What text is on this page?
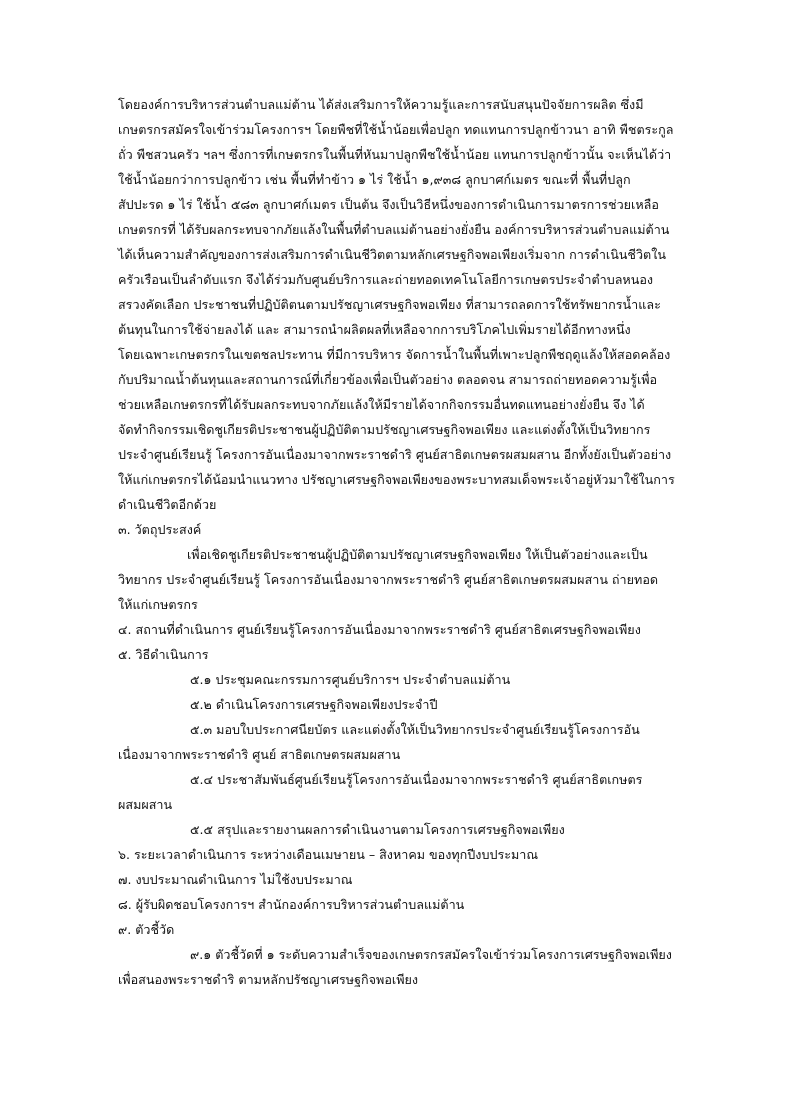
โดยองค์การบริหารส่วนตำบลแม่ต้าน ได้ส่งเสริมการให้ความรู้และการสนับสนุนปัจจัยการผลิต ซึ่งมี
เกษตรกรสมัครใจเข้าร่วมโครงการฯ โดยพืชที่ใช้น้ำน้อยเพื่อปลูก ทดแทนการปลูกข้าวนา อาทิ พืชตระกูล
ถั่ว พืชสวนครัว ฯลฯ ซึ่งการที่เกษตรกรในพื้นที่หันมาปลูกพืชใช้น้ำน้อย แทนการปลูกข้าวนั้น จะเห็นได้ว่า
ใช้น้ำน้อยกว่าการปลูกข้าว เช่น พื้นที่ทำข้าว ๑ ไร่ ใช้น้ำ ๑,๙๓๘ ลูกบาศก์เมตร ขณะที่ พื้นที่ปลูก
สัปปะรด ๑ ไร่ ใช้น้ำ ๕๘๓ ลูกบาศก์เมตร เป็นต้น จึงเป็นวิธีหนึ่งของการดำเนินการมาตรการช่วยเหลือ
เกษตรกรที่ ได้รับผลกระทบจากภัยแล้งในพื้นที่ตำบลแม่ต้านอย่างยั่งยืน องค์การบริหารส่วนตำบลแม่ต้าน
ได้เห็นความสำคัญของการส่งเสริมการดำเนินชีวิตตามหลักเศรษฐกิจพอเพียงเริ่มจาก การดำเนินชีวิตใน
ครัวเรือนเป็นลำดับแรก จึงได้ร่วมกับศูนย์บริการและถ่ายทอดเทคโนโลยีการเกษตรประจำตำบลหนอง
สรวงคัดเลือก ประชาชนที่ปฏิบัติตนตามปรัชญาเศรษฐกิจพอเพียง ที่สามารถลดการใช้ทรัพยากรน้ำและ
ต้นทุนในการใช้จ่ายลงได้ และ สามารถนำผลิตผลที่เหลือจากการบริโภคไปเพิ่มรายได้อีกทางหนึ่ง
โดยเฉพาะเกษตรกรในเขตชลประทาน ที่มีการบริหาร จัดการน้ำในพื้นที่เพาะปลูกพืชฤดูแล้งให้สอดคล้อง
กับปริมาณน้ำต้นทุนและสถานการณ์ที่เกี่ยวข้องเพื่อเป็นตัวอย่าง ตลอดจน สามารถถ่ายทอดความรู้เพื่อ
ช่วยเหลือเกษตรกรที่ได้รับผลกระทบจากภัยแล้งให้มีรายได้จากกิจกรรมอื่นทดแทนอย่างยั่งยืน จึง ได้
จัดทำกิจกรรมเชิดชูเกียรติประชาชนผู้ปฏิบัติตามปรัชญาเศรษฐกิจพอเพียง และแต่งตั้งให้เป็นวิทยากร
ประจำศูนย์เรียนรู้ โครงการอันเนื่องมาจากพระราชดำริ ศูนย์สาธิตเกษตรผสมผสาน อีกทั้งยังเป็นตัวอย่าง
ให้แก่เกษตรกรได้น้อมนำแนวทาง ปรัชญาเศรษฐกิจพอเพียงของพระบาทสมเด็จพระเจ้าอยู่หัวมาใช้ในการ
ดำเนินชีวิตอีกด้วย
๓. วัตถุประสงค์
เพื่อเชิดชูเกียรติประชาชนผู้ปฏิบัติตามปรัชญาเศรษฐกิจพอเพียง ให้เป็นตัวอย่างและเป็น
วิทยากร ประจำศูนย์เรียนรู้ โครงการอันเนื่องมาจากพระราชดำริ ศูนย์สาธิตเกษตรผสมผสาน ถ่ายทอด
ให้แก่เกษตรกร
๔. สถานที่ดำเนินการ ศูนย์เรียนรู้โครงการอันเนื่องมาจากพระราชดำริ ศูนย์สาธิตเศรษฐกิจพอเพียง
๕. วิธีดำเนินการ
๕.๑ ประชุมคณะกรรมการศูนย์บริการฯ ประจำตำบลแม่ต้าน
๕.๒ ดำเนินโครงการเศรษฐกิจพอเพียงประจำปี
๕.๓ มอบใบประกาศนียบัตร และแต่งตั้งให้เป็นวิทยากรประจำศูนย์เรียนรู้โครงการอัน
เนื่องมาจากพระราชดำริ ศูนย์ สาธิตเกษตรผสมผสาน
๕.๔ ประชาสัมพันธ์ศูนย์เรียนรู้โครงการอันเนื่องมาจากพระราชดำริ ศูนย์สาธิตเกษตร
ผสมผสาน
๕.๕ สรุปและรายงานผลการดำเนินงานตามโครงการเศรษฐกิจพอเพียง
๖. ระยะเวลาดำเนินการ ระหว่างเดือนเมษายน – สิงหาคม ของทุกปีงบประมาณ
๗. งบประมาณดำเนินการ ไม่ใช้งบประมาณ
๘. ผู้รับผิดชอบโครงการฯ สำนักองค์การบริหารส่วนตำบลแม่ต้าน
๙. ตัวชี้วัด
๙.๑ ตัวชี้วัดที่ ๑ ระดับความสำเร็จของเกษตรกรสมัครใจเข้าร่วมโครงการเศรษฐกิจพอเพียง
เพื่อสนองพระราชดำริ ตามหลักปรัชญาเศรษฐกิจพอเพียง
